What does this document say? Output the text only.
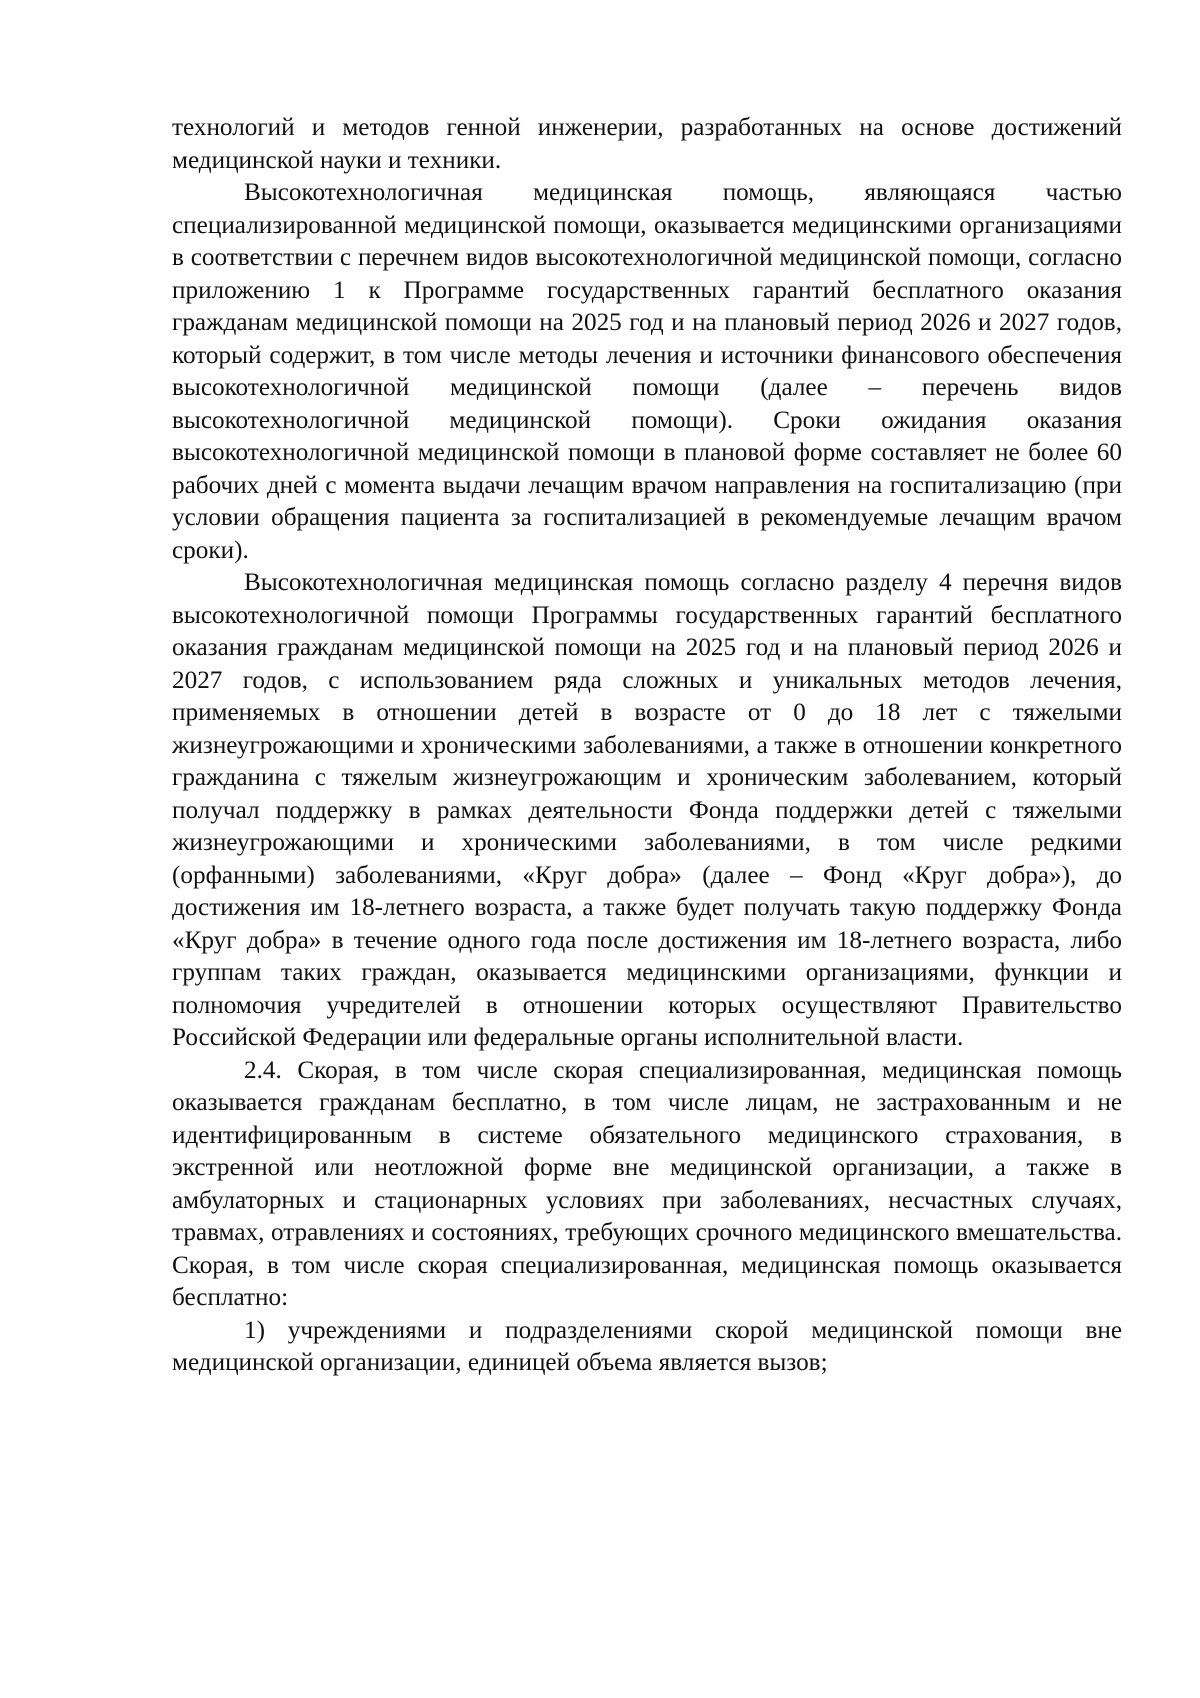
технологий и методов генной инженерии, разработанных на основе достижений медицинской науки и техники.

Высокотехнологичная медицинская помощь, являющаяся частью специализированной медицинской помощи, оказывается медицинскими организациями в соответствии с перечнем видов высокотехнологичной медицинской помощи, согласно приложению 1 к Программе государственных гарантий бесплатного оказания гражданам медицинской помощи на 2025 год и на плановый период 2026 и 2027 годов, который содержит, в том числе методы лечения и источники финансового обеспечения высокотехнологичной медицинской помощи (далее – перечень видов высокотехнологичной медицинской помощи). Сроки ожидания оказания высокотехнологичной медицинской помощи в плановой форме составляет не более 60 рабочих дней с момента выдачи лечащим врачом направления на госпитализацию (при условии обращения пациента за госпитализацией в рекомендуемые лечащим врачом сроки).

Высокотехнологичная медицинская помощь согласно разделу 4 перечня видов высокотехнологичной помощи Программы государственных гарантий бесплатного оказания гражданам медицинской помощи на 2025 год и на плановый период 2026 и 2027 годов, с использованием ряда сложных и уникальных методов лечения, применяемых в отношении детей в возрасте от 0 до 18 лет с тяжелыми жизнеугрожающими и хроническими заболеваниями, а также в отношении конкретного гражданина с тяжелым жизнеугрожающим и хроническим заболеванием, который получал поддержку в рамках деятельности Фонда поддержки детей с тяжелыми жизнеугрожающими и хроническими заболеваниями, в том числе редкими (орфанными) заболеваниями, «Круг добра» (далее – Фонд «Круг добра»), до достижения им 18-летнего возраста, а также будет получать такую поддержку Фонда «Круг добра» в течение одного года после достижения им 18-летнего возраста, либо группам таких граждан, оказывается медицинскими организациями, функции и полномочия учредителей в отношении которых осуществляют Правительство Российской Федерации или федеральные органы исполнительной власти.

2.4. Скорая, в том числе скорая специализированная, медицинская помощь оказывается гражданам бесплатно, в том числе лицам, не застрахованным и не идентифицированным в системе обязательного медицинского страхования, в экстренной или неотложной форме вне медицинской организации, а также в амбулаторных и стационарных условиях при заболеваниях, несчастных случаях, травмах, отравлениях и состояниях, требующих срочного медицинского вмешательства. Скорая, в том числе скорая специализированная, медицинская помощь оказывается бесплатно:

1) учреждениями и подразделениями скорой медицинской помощи вне медицинской организации, единицей объема является вызов;
